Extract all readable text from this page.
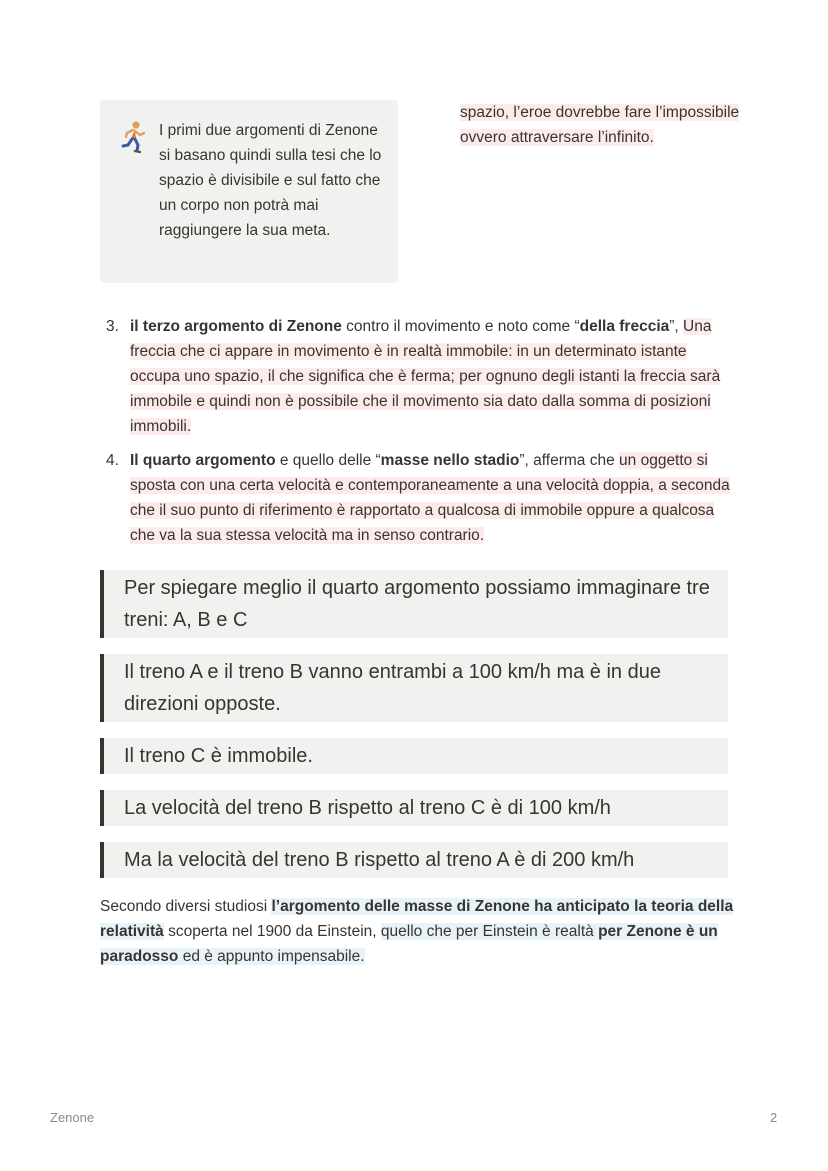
I primi due argomenti di Zenone si basano quindi sulla tesi che lo spazio è divisibile e sul fatto che un corpo non potrà mai raggiungere la sua meta.

spazio, l’eroe dovrebbe fare l’impossibile ovvero attraversare l’infinito.

3. il terzo argomento di Zenone contro il movimento e noto come “della freccia”, Una freccia che ci appare in movimento è in realtà immobile: in un determinato istante occupa uno spazio, il che significa che è ferma; per ognuno degli istanti la freccia sarà immobile e quindi non è possibile che il movimento sia dato dalla somma di posizioni immobili.
4. Il quarto argomento e quello delle “masse nello stadio”, afferma che un oggetto si sposta con una certa velocità e contemporaneamente a una velocità doppia, a seconda che il suo punto di riferimento è rapportato a qualcosa di immobile oppure a qualcosa che va la sua stessa velocità ma in senso contrario.
Per spiegare meglio il quarto argomento possiamo immaginare tre treni: A, B e C
Il treno A e il treno B vanno entrambi a 100 km/h ma è in due direzioni opposte.
Il treno C è immobile.
La velocità del treno B rispetto al treno C è di 100 km/h
Ma la velocità del treno B rispetto al treno A è di 200 km/h

Secondo diversi studiosi l’argomento delle masse di Zenone ha anticipato la teoria della relatività scoperta nel 1900 da Einstein, quello che per Einstein è realtà per Zenone è un paradosso ed è appunto impensabile.

Zenone	2
